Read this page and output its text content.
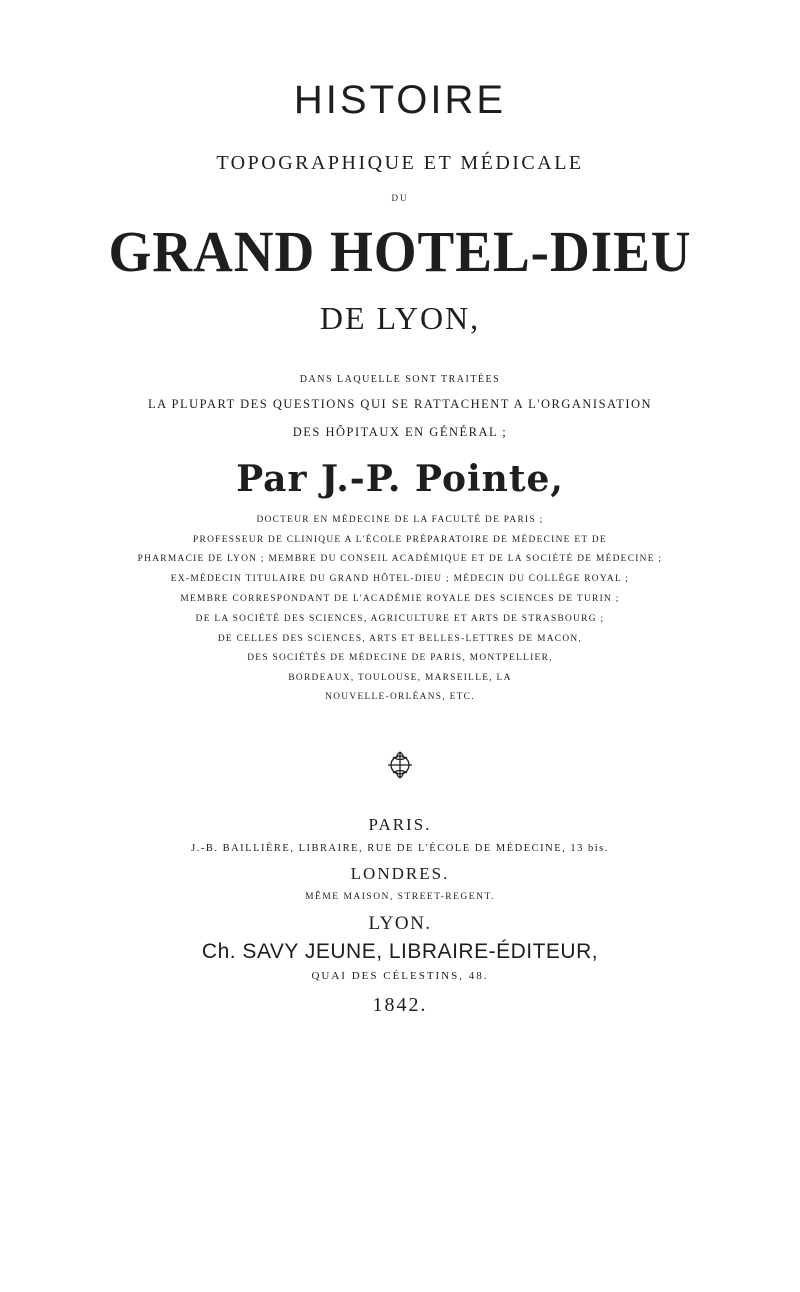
HISTOIRE
TOPOGRAPHIQUE ET MÉDICALE
DU
GRAND HOTEL-DIEU
DE LYON,
DANS LAQUELLE SONT TRAITÉES
LA PLUPART DES QUESTIONS QUI SE RATTACHENT A L'ORGANISATION
DES HÔPITAUX EN GÉNÉRAL ;
Par J.-P. Pointe,
DOCTEUR EN MÉDECINE DE LA FACULTÉ DE PARIS ;
PROFESSEUR DE CLINIQUE A L'ÉCOLE PRÉPARATOIRE DE MÉDECINE ET DE
PHARMACIE DE LYON ; MEMBRE DU CONSEIL ACADÉMIQUE ET DE LA SOCIÉTÉ DE MÉDECINE ;
EX-MÉDECIN TITULAIRE DU GRAND HÔTEL-DIEU ; MÉDECIN DU COLLÉGE ROYAL ;
MEMBRE CORRESPONDANT DE L'ACADÉMIE ROYALE DES SCIENCES DE TURIN ;
DE LA SOCIÉTÉ DES SCIENCES, AGRICULTURE ET ARTS DE STRASBOURG ;
DE CELLES DES SCIENCES, ARTS ET BELLES-LETTRES DE MACON,
DES SOCIÉTÉS DE MÉDECINE DE PARIS, MONTPELLIER,
BORDEAUX, TOULOUSE, MARSEILLE, LA
NOUVELLE-ORLÉANS, ETC.
PARIS.
J.-B. BAILLIÈRE, LIBRAIRE, RUE DE L'ÉCOLE DE MÉDECINE, 13 bis.
LONDRES.
MÊME MAISON, STREET-REGENT.
LYON.
Ch. SAVY JEUNE, LIBRAIRE-ÉDITEUR,
QUAI DES CÉLESTINS, 48.
1842.
